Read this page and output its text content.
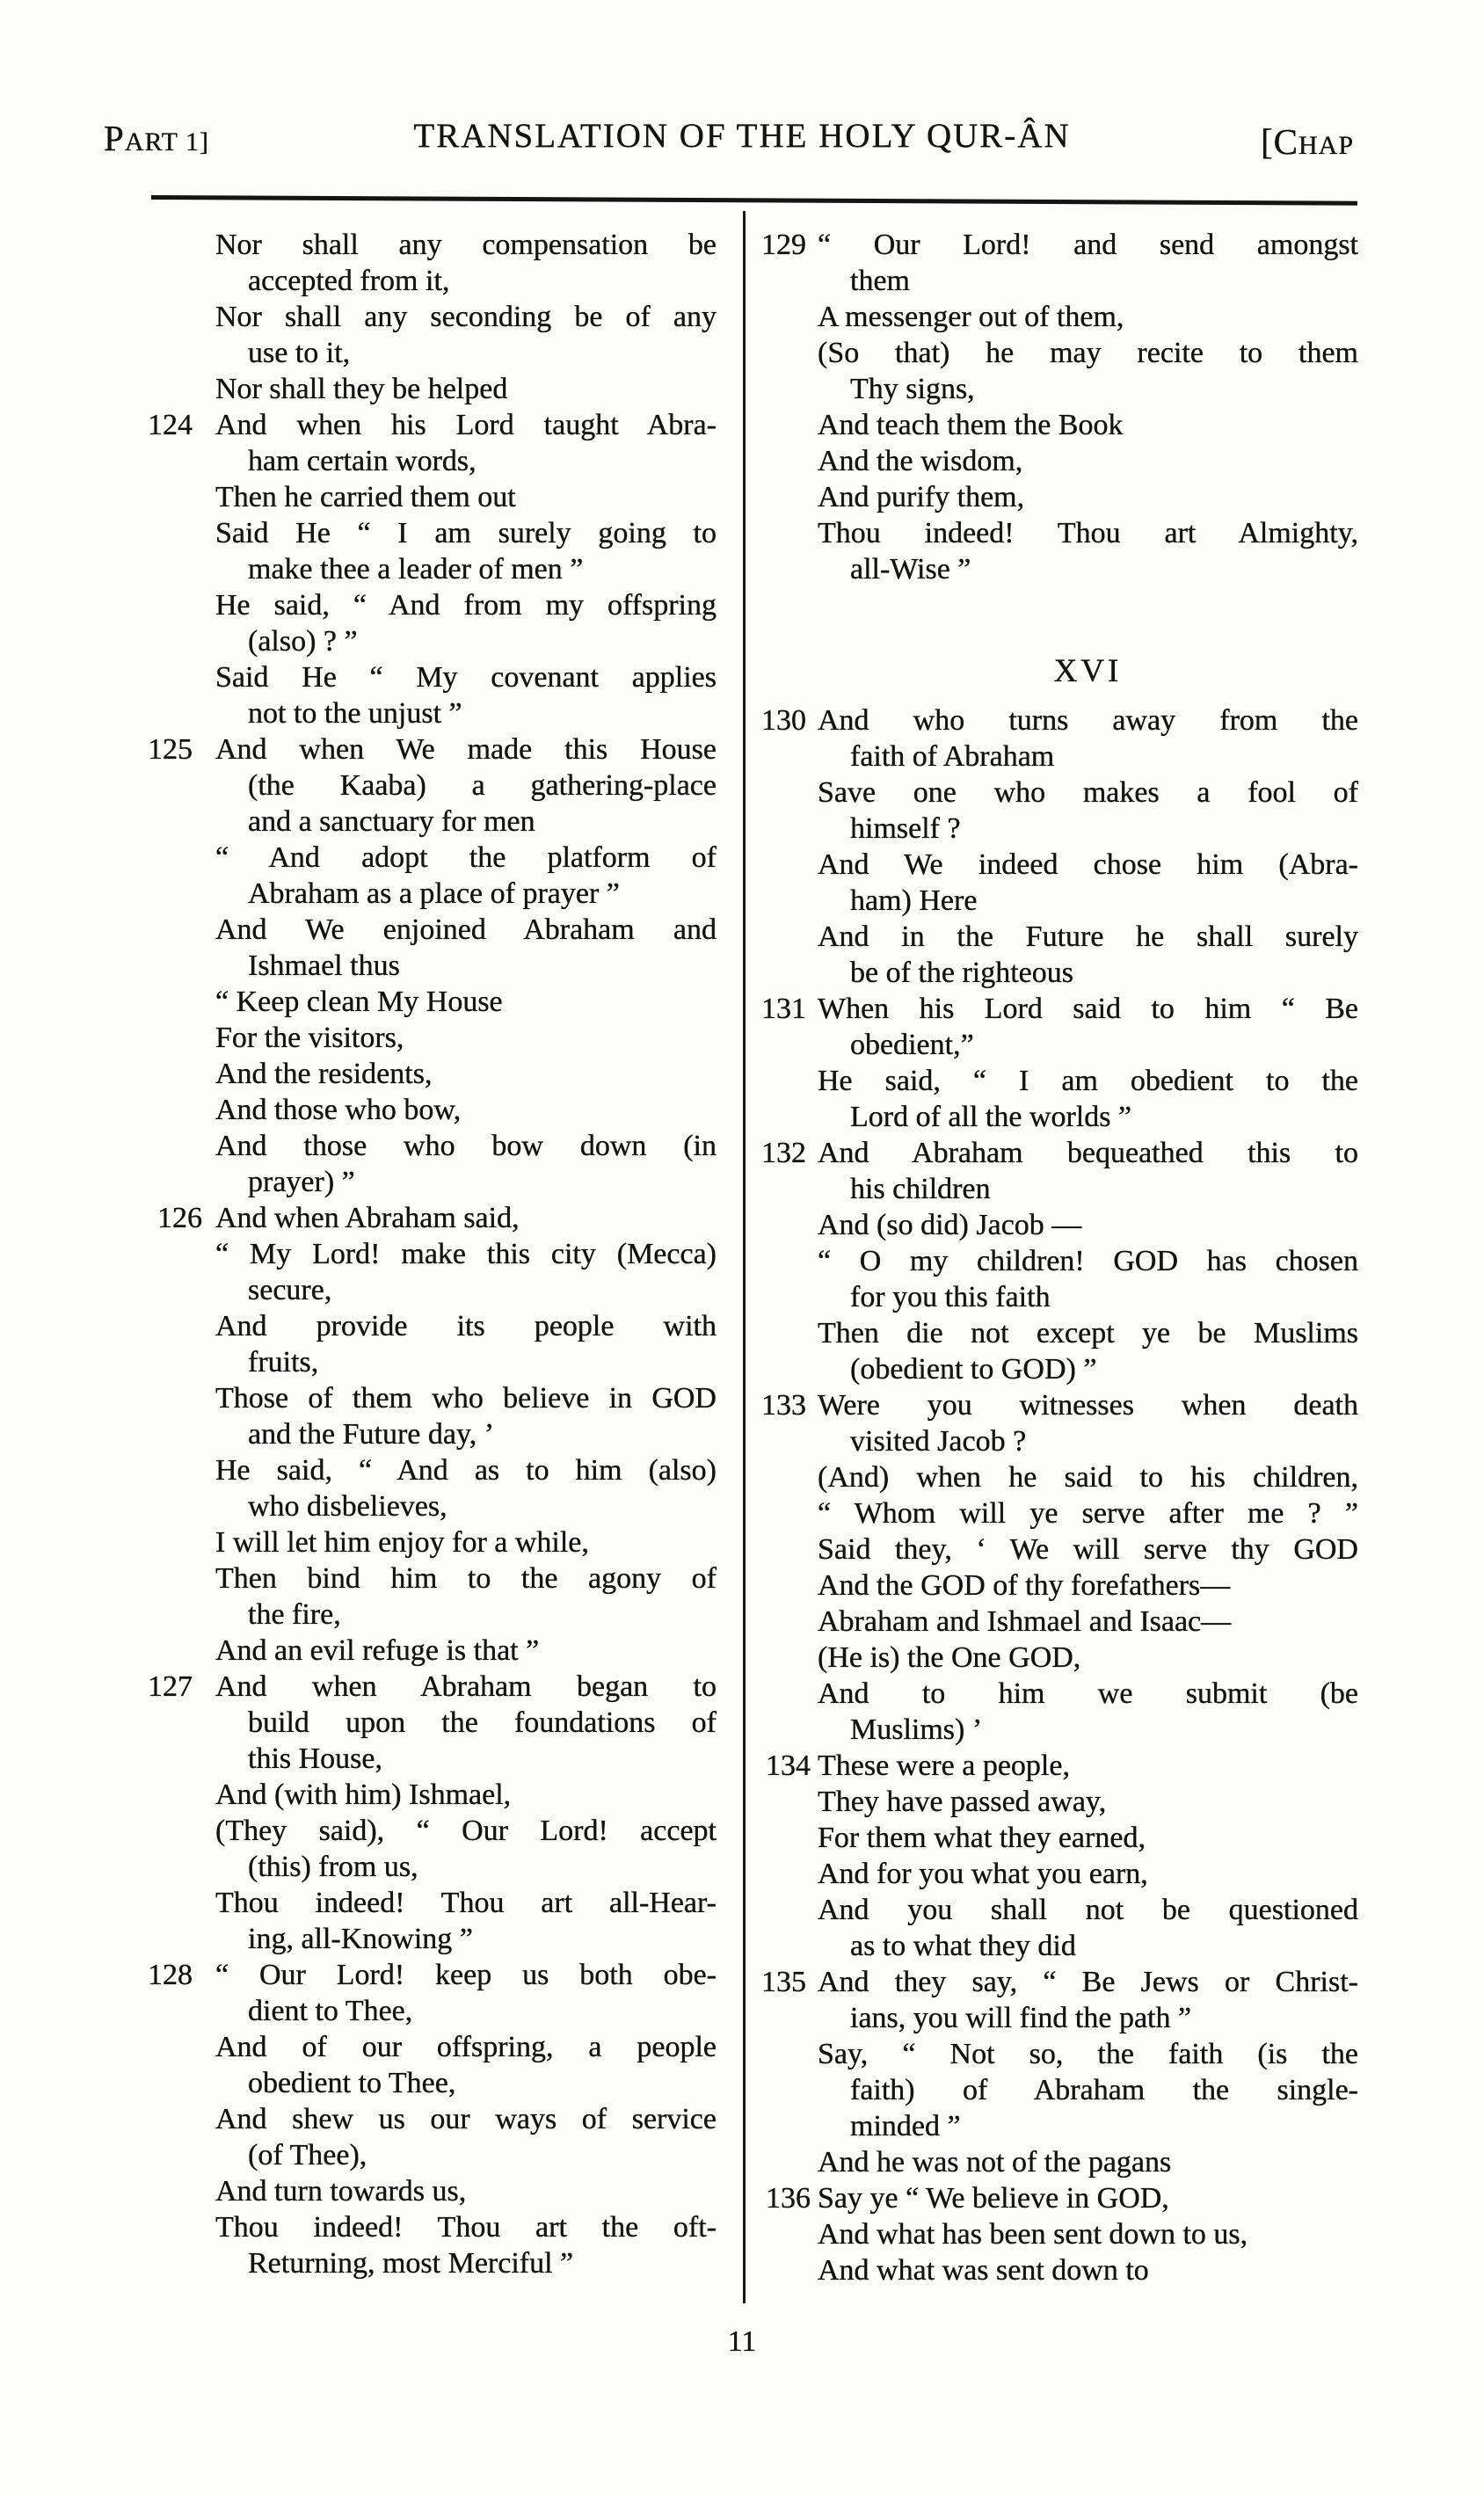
PART 1]	TRANSLATION OF THE HOLY QUR-ÂN	[CHAP
Nor shall any compensation be
accepted from it,
Nor shall any seconding be of any
use to it,
Nor shall they be helped
124 And when his Lord taught Abra-
ham certain words,
Then he carried them out
Said He “ I am surely going to
make thee a leader of men ”
He said, “ And from my offspring
(also) ? ”
Said He “ My covenant applies
not to the unjust ”
125 And when We made this House
(the Kaaba) a gathering-place
and a sanctuary for men
“ And adopt the platform of
Abraham as a place of prayer ”
And We enjoined Abraham and
Ishmael thus
“ Keep clean My House
For the visitors,
And the residents,
And those who bow,
And those who bow down (in
prayer) ”
126 And when Abraham said,
“ My Lord! make this city (Mecca)
secure,
And provide its people with
fruits,
Those of them who believe in GOD
and the Future day, ’
He said, “ And as to him (also)
who disbelieves,
I will let him enjoy for a while,
Then bind him to the agony of
the fire,
And an evil refuge is that ”
127 And when Abraham began to
build upon the foundations of
this House,
And (with him) Ishmael,
(They said), “ Our Lord! accept
(this) from us,
Thou indeed! Thou art all-Hear-
ing, all-Knowing ”
128 “ Our Lord! keep us both obe-
dient to Thee,
And of our offspring, a people
obedient to Thee,
And shew us our ways of service
(of Thee),
And turn towards us,
Thou indeed! Thou art the oft-
Returning, most Merciful ”
129 “ Our Lord! and send amongst
them
A messenger out of them,
(So that) he may recite to them
Thy signs,
And teach them the Book
And the wisdom,
And purify them,
Thou indeed! Thou art Almighty,
all-Wise ”
XVI
130 And who turns away from the
faith of Abraham
Save one who makes a fool of
himself ?
And We indeed chose him (Abra-
ham) Here
And in the Future he shall surely
be of the righteous
131 When his Lord said to him “ Be
obedient,”
He said, “ I am obedient to the
Lord of all the worlds ”
132 And Abraham bequeathed this to
his children
And (so did) Jacob —
“ O my children! GOD has chosen
for you this faith
Then die not except ye be Muslims
(obedient to GOD) ”
133 Were you witnesses when death
visited Jacob ?
(And) when he said to his children,
“ Whom will ye serve after me ? ”
Said they, ‘ We will serve thy GOD
And the GOD of thy forefathers—
Abraham and Ishmael and Isaac—
(He is) the One GOD,
And to him we submit (be
Muslims) ’
134 These were a people,
They have passed away,
For them what they earned,
And for you what you earn,
And you shall not be questioned
as to what they did
135 And they say, “ Be Jews or Christ-
ians, you will find the path ”
Say, “ Not so, the faith (is the
faith) of Abraham the single-
minded ”
And he was not of the pagans
136 Say ye “ We believe in GOD,
And what has been sent down to us,
And what was sent down to
11
